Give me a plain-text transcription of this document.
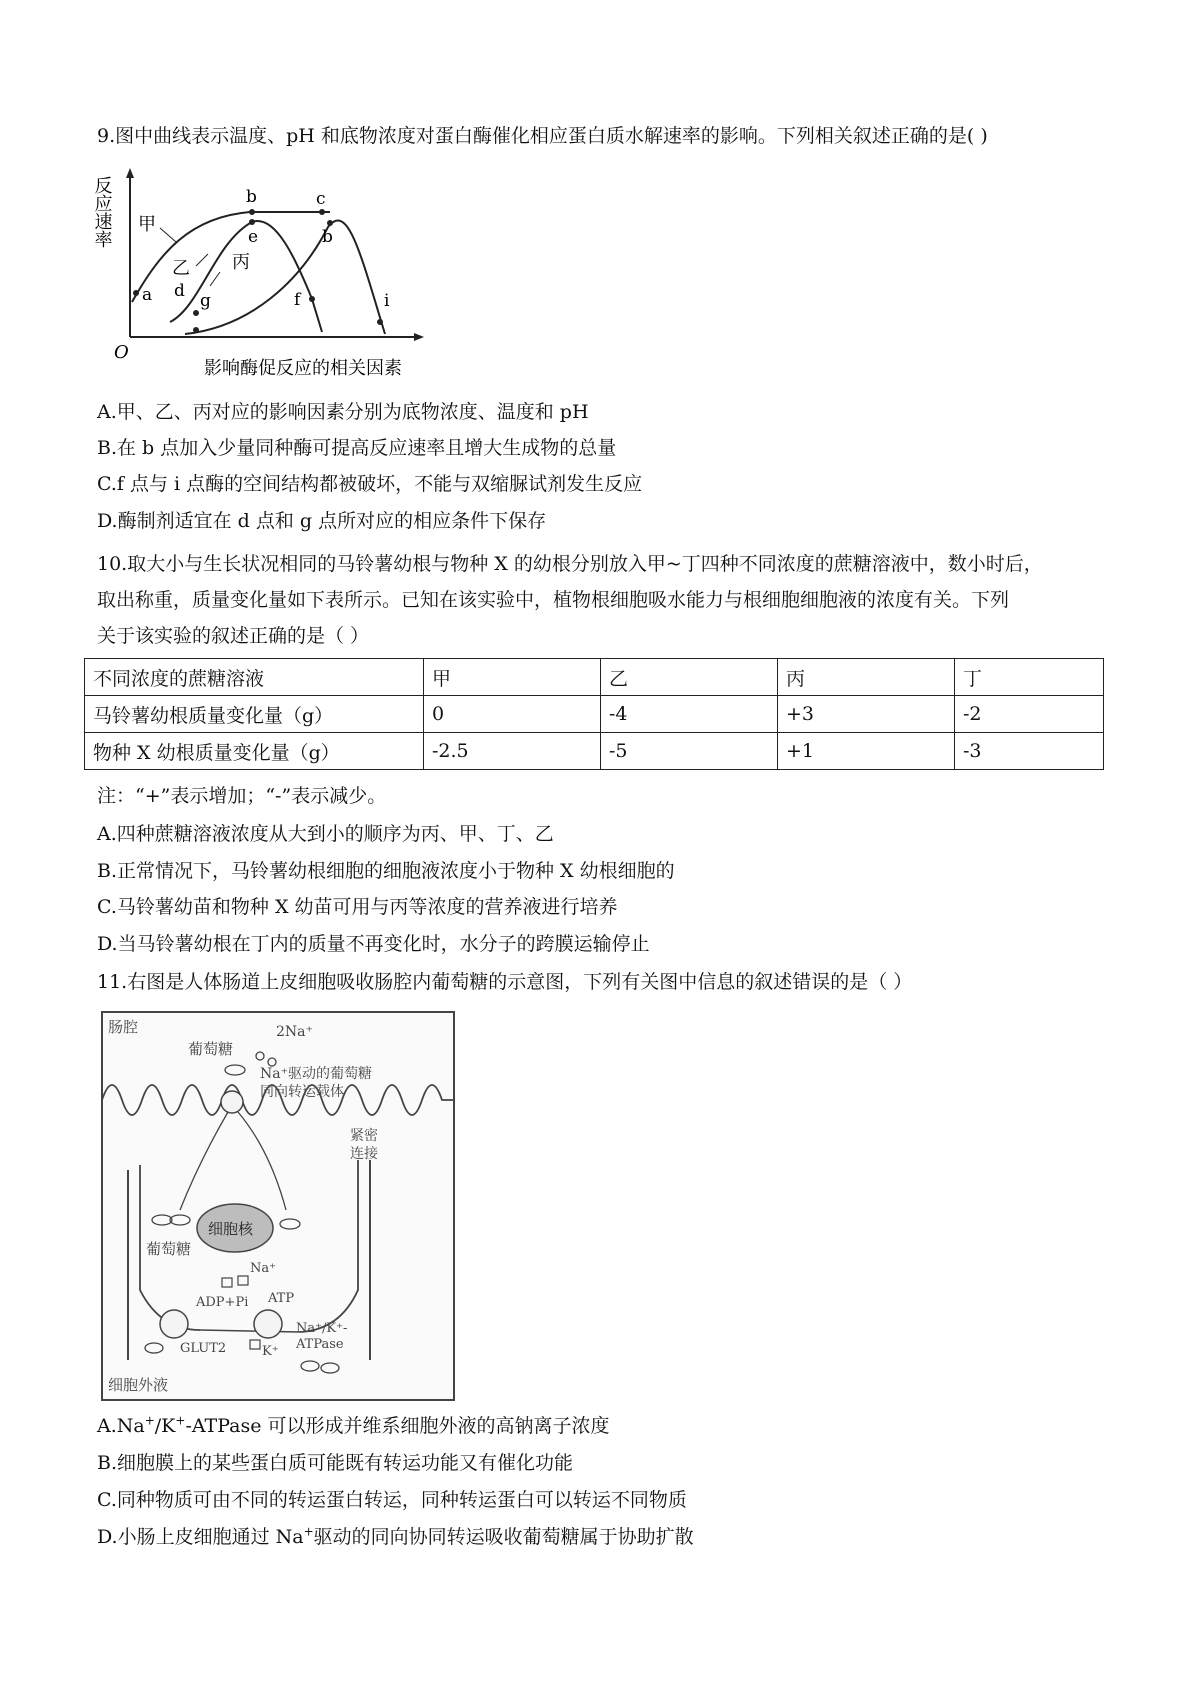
9.图中曲线表示温度、pH 和底物浓度对蛋白酶催化相应蛋白质水解速率的影响。下列相关叙述正确的是( )
反应速率
O
影响酶促反应的相关因素
a
b	c
d
e	b
f
g	i
甲
乙 丙
A.甲、乙、丙对应的影响因素分别为底物浓度、温度和 pH
B.在 b 点加入少量同种酶可提高反应速率且增大生成物的总量
C.f 点与 i 点酶的空间结构都被破坏，不能与双缩脲试剂发生反应
D.酶制剂适宜在 d 点和 g 点所对应的相应条件下保存
10.取大小与生长状况相同的马铃薯幼根与物种 X 的幼根分别放入甲~丁四种不同浓度的蔗糖溶液中，数小时后，
取出称重，质量变化量如下表所示。已知在该实验中，植物根细胞吸水能力与根细胞细胞液的浓度有关。下列
关于该实验的叙述正确的是（ ）
不同浓度的蔗糖溶液	甲	乙	丙	丁
马铃薯幼根质量变化量（g）	0	-4	+3	-2
物种 X 幼根质量变化量（g）	-2.5	-5	+1	-3
注：“+”表示增加；“-”表示减少。
A.四种蔗糖溶液浓度从大到小的顺序为丙、甲、丁、乙
B.正常情况下，马铃薯幼根细胞的细胞液浓度小于物种 X 幼根细胞的
C.马铃薯幼苗和物种 X 幼苗可用与丙等浓度的营养液进行培养
D.当马铃薯幼根在丁内的质量不再变化时，水分子的跨膜运输停止
11.右图是人体肠道上皮细胞吸收肠腔内葡萄糖的示意图，下列有关图中信息的叙述错误的是（ ）
肠腔
葡萄糖
2Na⁺
Na⁺驱动的葡萄糖
同向转运载体
紧密
连接
细胞核
葡萄糖
Na⁺
ADP+Pi ATP
Na⁺/K⁺-
ATPase
GLUT2	K⁺
细胞外液
A.Na+/K+-ATPase 可以形成并维系细胞外液的高钠离子浓度
B.细胞膜上的某些蛋白质可能既有转运功能又有催化功能
C.同种物质可由不同的转运蛋白转运，同种转运蛋白可以转运不同物质
D.小肠上皮细胞通过 Na+驱动的同向协同转运吸收葡萄糖属于协助扩散
